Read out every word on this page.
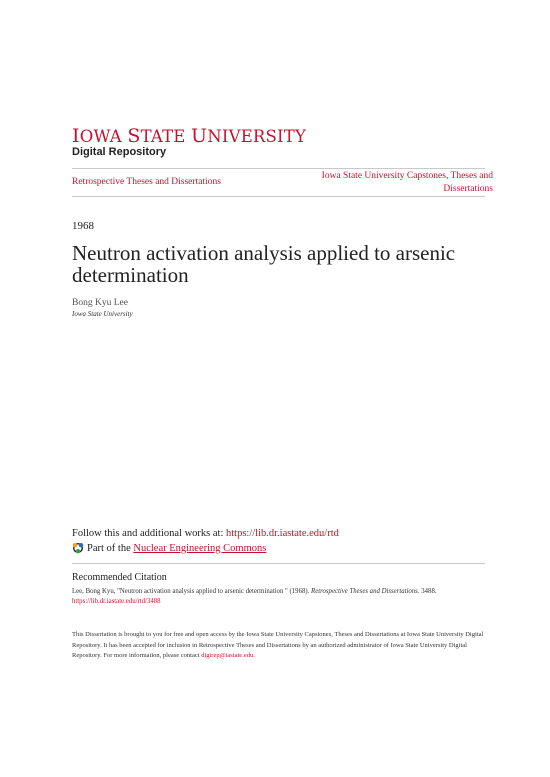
IOWA STATE UNIVERSITY
Digital Repository
Retrospective Theses and Dissertations
Iowa State University Capstones, Theses and Dissertations
1968
Neutron activation analysis applied to arsenic determination
Bong Kyu Lee
Iowa State University
Follow this and additional works at: https://lib.dr.iastate.edu/rtd
Part of the
Nuclear Engineering Commons
Recommended Citation
Lee, Bong Kyu, "Neutron activation analysis applied to arsenic determination " (1968). Retrospective Theses and Dissertations. 3488.
https://lib.dr.iastate.edu/rtd/3488
This Dissertation is brought to you for free and open access by the Iowa State University Capstones, Theses and Dissertations at Iowa State University Digital Repository. It has been accepted for inclusion in Retrospective Theses and Dissertations by an authorized administrator of Iowa State University Digital Repository. For more information, please contact digirep@iastate.edu.
